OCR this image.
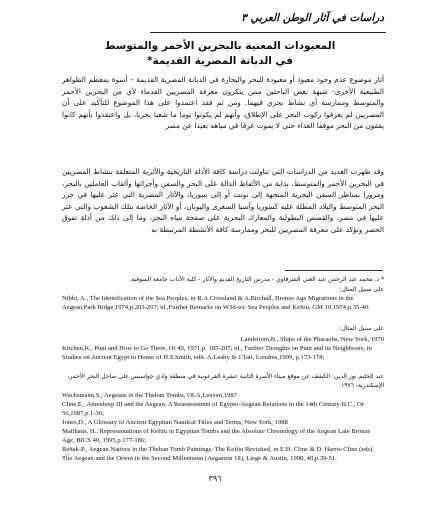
دراسات في آثار الوطن العربي ٣
المعبودات المعنية بالبحرين الأحمر والمتوسط
في الديانة المصرية القديمة*
أثار موضوع عدم وجود معبود أو معبودة للبحر والبحارة في الديانة المصرية القديمة – أسوة بمعظم الظواهر الطبيعية الأخرى- شبهة بعض الباحثين ممن ينكرون معرفة المصريين القدماء لأي من البحرين الأحمر والمتوسط وممارسة أي نشاط بحري فيهما. ومن ثم فقد اعتمدوا على هذا الموضوع للتأكيد على أن المصريين لم يعرفوا ركوب البحر على الإطلاق، وأنهم لم يكونوا يوما ما شعبا بحريا، بل واعتقدوا بأنهم كانوا يقفون من البحر موقفا العداء حتى لا يموت غرقا في مياهه بعيدا عن مصر
وقد ظهرت العديد من الدراسات التي تناولت دراسة كافة الأدلة التاريخية والأثرية المتعلقة بنشاط المصريين في البحرين الأحمر والمتوسط، بداية من الألفاظ الدالة على البحر والسفن وأجزائها وألقاب العاملين بالبحر، ومرورا بمناظر السفن البحرية المتجهة إلى بونت أو إلى سوريا، والآثار المصرية التي عثر عليها في جزر البحر المتوسط والبلاد المطلة عليه كسوريا وآسيا الصغرى واليونان، أو الآثار الخاصة بتلك الشعوب والتي عثر عليها في مصر، والقصص البطولية والمعارك البحرية على صفحة مياه البحر، وما إلى ذلك من أدلة تفوق الحصر وتؤكد على معرفة المصريين للبحر وممارسة كافة الأنشطة المرتبطة به
* د. محمد عبد الرحمن عبد الغني الشرقاوي - مدرس التاريخ القديم والآثار - كلية الآداب جامعة المنوفية.
على سبيل المثال:
Nibbi, A., The Identification of the Sea Peoples, in R.A.Crossland & A.Birchall, Bronze Age Migrations in the Aegean,Park Ridge,1974,p.203-207; id.,Further Remarks on W3d-wr. Sea Peoples and Keftiu, GM 10,1974,p.35-40.
على سبيل المثال:
Landstrom,B., Ships of the Pharaohs, New York, 1970
Kitchen,K., Punt and How to Go There, Or 40, 1971,p. 185-207; id., Further Thoughts on Punt and its Neighbours, in Studies on Ancient Egypt in Honor of H.S.Smith, edit. A.Leahy & J.Tait, Londres,1999, p.173-178;
عبد الحليم نور الدين: الكشف عن موقع ميناء الأسرة الثانية عشرة الفرعونية في منطقة وادي جواسيس على ساحل البحر الأحمر، الإسكندرية، ١٩٧٦.
Wachsmann,S., Aegeans in the Theban Tombs, OLA,Leuven,1987
Cline,E., Amenhotp III and the Aegean. A Reassessment of Egypto-Aegean Relations in the 14th Century B.C., Or 56,1987,p.1-36;
Jones,D., A Glossary of Ancient Egyptian Nautical Titles and Terms, New York, 1988
Matthaus, H., Representations of Keftiu in Egyptian Tombs and the Absolute Chronology of the Aegean Late Bronze Age, BICS 40, 1995,p.177-186;
Rehak-P., Aegean Natives in the Theban Tomb Paintings: The Keftiu Revisited, in E.H. Cline & D. Harris-Cline (eds), The Aegean and the Orient in the Second Millennium (Aegaeum 18), Liege & Austin, 1998, 40,p.39-51.
٣٩٦
